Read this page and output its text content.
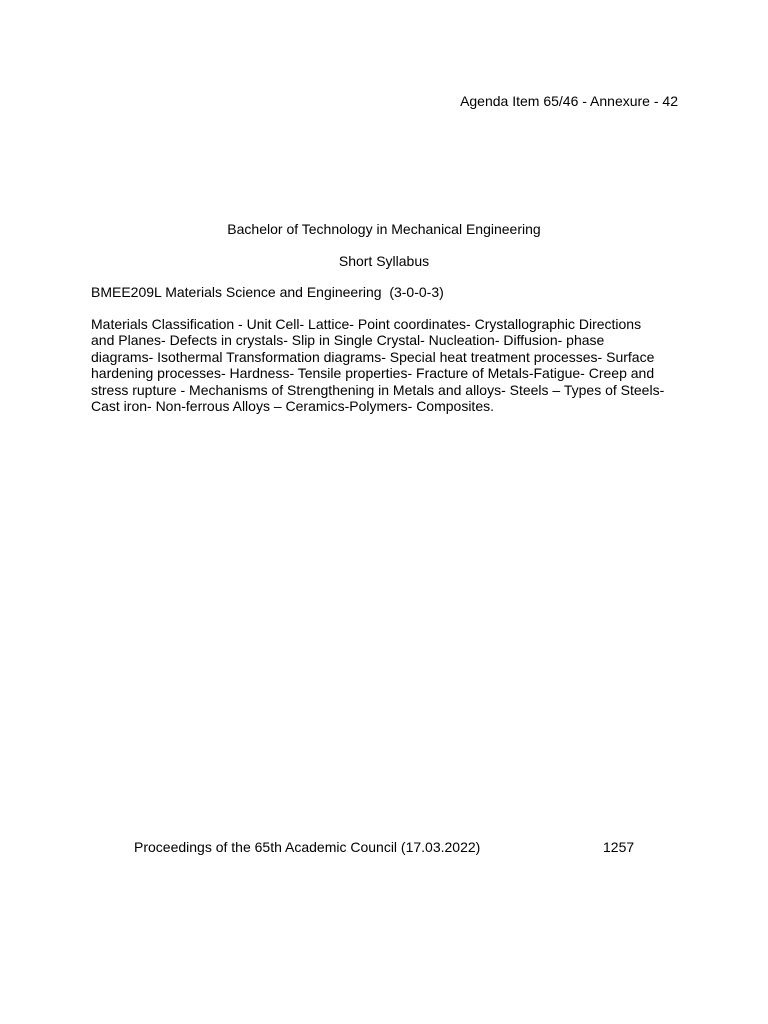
Agenda Item 65/46 - Annexure - 42
Bachelor of Technology in Mechanical Engineering
Short Syllabus
BMEE209L Materials Science and Engineering  (3-0-0-3)
Materials Classification - Unit Cell- Lattice- Point coordinates- Crystallographic Directions
and Planes- Defects in crystals- Slip in Single Crystal- Nucleation- Diffusion- phase
diagrams- Isothermal Transformation diagrams- Special heat treatment processes- Surface
hardening processes- Hardness- Tensile properties- Fracture of Metals-Fatigue- Creep and
stress rupture - Mechanisms of Strengthening in Metals and alloys- Steels – Types of Steels-
Cast iron- Non-ferrous Alloys – Ceramics-Polymers- Composites.
Proceedings of the 65th Academic Council (17.03.2022)	1257
